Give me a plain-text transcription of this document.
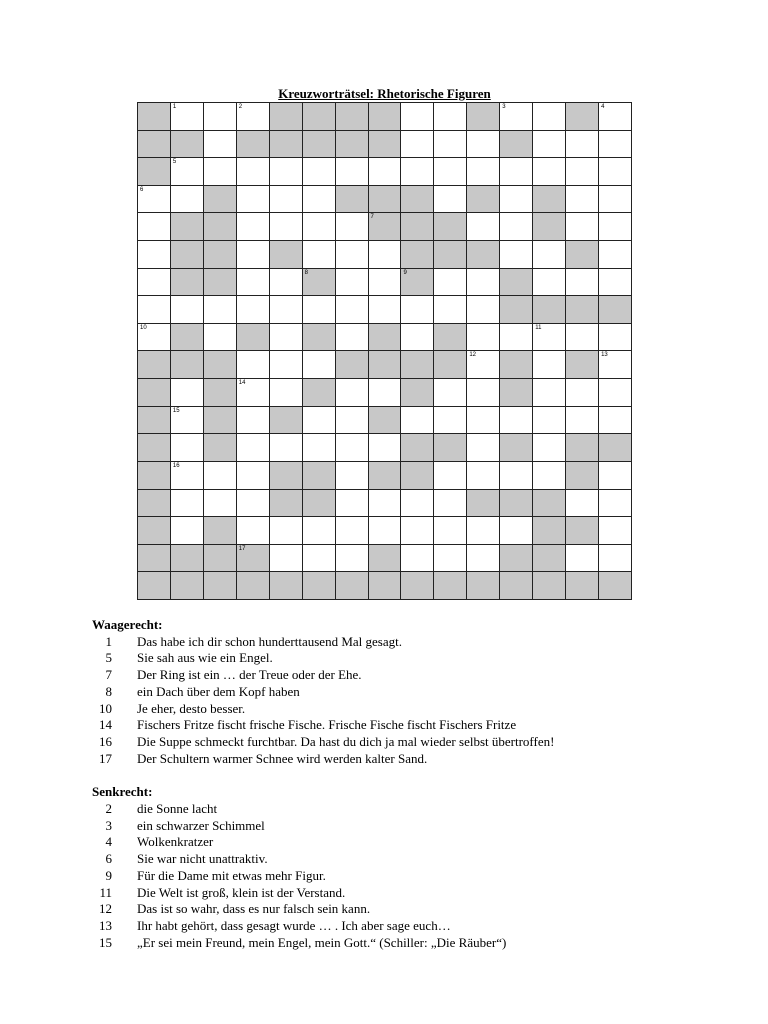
Kreuzworträtsel: Rhetorische Figuren
1	2	3	4
5
6
7
8	9
10	11
12	13
14
15
16
17
Waagerecht:
1 Das habe ich dir schon hunderttausend Mal gesagt.
5 Sie sah aus wie ein Engel.
7 Der Ring ist ein … der Treue oder der Ehe.
8 ein Dach über dem Kopf haben
10 Je eher, desto besser.
14 Fischers Fritze fischt frische Fische. Frische Fische fischt Fischers Fritze
16 Die Suppe schmeckt furchtbar. Da hast du dich ja mal wieder selbst übertroffen!
17 Der Schultern warmer Schnee wird werden kalter Sand.
Senkrecht:
2 die Sonne lacht
3 ein schwarzer Schimmel
4 Wolkenkratzer
6 Sie war nicht unattraktiv.
9 Für die Dame mit etwas mehr Figur.
11 Die Welt ist groß, klein ist der Verstand.
12 Das ist so wahr, dass es nur falsch sein kann.
13 Ihr habt gehört, dass gesagt wurde … . Ich aber sage euch…
15 „Er sei mein Freund, mein Engel, mein Gott.“ (Schiller: „Die Räuber“)
